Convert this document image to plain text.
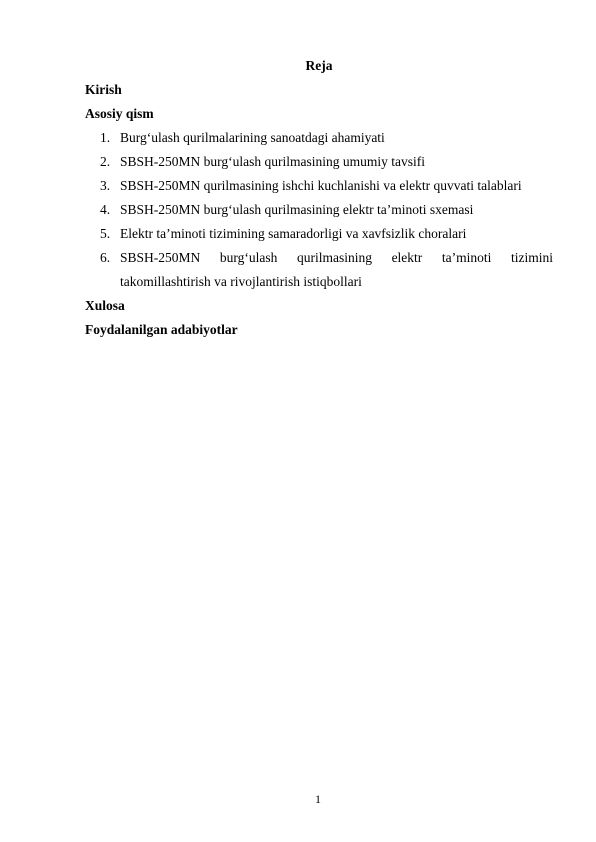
Reja
Kirish
Asosiy qism
1. Burg‘ulash qurilmalarining sanoatdagi ahamiyati
2. SBSH-250MN burg‘ulash qurilmasining umumiy tavsifi
3. SBSH-250MN qurilmasining ishchi kuchlanishi va elektr quvvati talablari
4. SBSH-250MN burg‘ulash qurilmasining elektr ta’minoti sxemasi
5. Elektr ta’minoti tizimining samaradorligi va xavfsizlik choralari
6. SBSH-250MN burg‘ulash qurilmasining elektr ta’minoti tizimini
takomillashtirish va rivojlantirish istiqbollari
Xulosa
Foydalanilgan adabiyotlar
1
